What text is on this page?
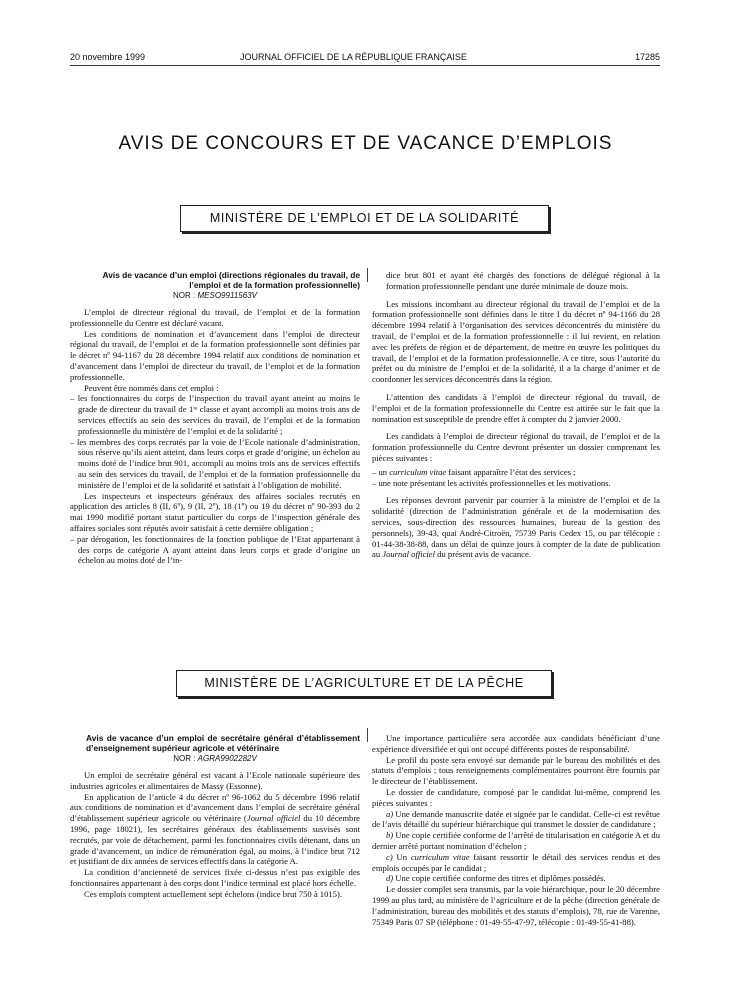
20 novembre 1999	JOURNAL OFFICIEL DE LA RÉPUBLIQUE FRANÇAISE	17285
AVIS DE CONCOURS ET DE VACANCE D’EMPLOIS
MINISTÈRE DE L’EMPLOI ET DE LA SOLIDARITÉ
Avis de vacance d’un emploi (directions régionales du travail, de l’emploi et de la formation professionnelle)
NOR : MESO9911563V

L’emploi de directeur régional du travail, de l’emploi et de la formation professionnelle du Centre est déclaré vacant.

Les conditions de nomination et d’avancement dans l’emploi de directeur régional du travail, de l’emploi et de la formation professionnelle sont définies par le décret nº 94-1167 du 28 décembre 1994 relatif aux conditions de nomination et d’avancement dans l’emploi de directeur du travail, de l’emploi et de la formation professionnelle.

Peuvent être nommés dans cet emploi :

– les fonctionnaires du corps de l’inspection du travail ayant atteint au moins le grade de directeur du travail de 1ʳᵉ classe et ayant accompli au moins trois ans de services effectifs au sein des services du travail, de l’emploi et de la formation professionnelle du ministère de l’emploi et de la solidarité ;
– les membres des corps recrutés par la voie de l’Ecole nationale d’administration, sous réserve qu’ils aient atteint, dans leurs corps et grade d’origine, un échelon au moins doté de l’indice brut 901, accompli au moins trois ans de services effectifs au sein des services du travail, de l’emploi et de la formation professionnelle du ministère de l’emploi et de la solidarité et satisfait à l’obligation de mobilité.

Les inspecteurs et inspecteurs généraux des affaires sociales recrutés en application des articles 8 (II, 6º), 9 (II, 2º), 18 (1º) ou 19 du décret nº 90-393 du 2 mai 1990 modifié portant statut particulier du corps de l’inspection générale des affaires sociales sont réputés avoir satisfait à cette dernière obligation ;

– par dérogation, les fonctionnaires de la fonction publique de l’Etat appartenant à des corps de catégorie A ayant atteint dans leurs corps et grade d’origine un échelon au moins doté de l’in-

dice brut 801 et ayant été chargés des fonctions de délégué régional à la formation professionnelle pendant une durée minimale de douze mois.

Les missions incombant au directeur régional du travail de l’emploi et de la formation professionnelle sont définies dans le titre I du décret nº 94-1166 du 28 décembre 1994 relatif à l’organisation des services déconcentrés du ministère du travail, de l’emploi et de la formation professionnelle : il lui revient, en relation avec les préfets de région et de département, de mettre en œuvre les politiques du travail, de l’emploi et de la formation professionnelle. A ce titre, sous l’autorité du préfet ou du ministre de l’emploi et de la solidarité, il a la charge d’animer et de coordonner les services déconcentrés dans la région.

L’attention des candidats à l’emploi de directeur régional du travail, de l’emploi et de la formation professionnelle du Centre est attirée sur le fait que la nomination est susceptible de prendre effet à compter du 2 janvier 2000.

Les candidats à l’emploi de directeur régional du travail, de l’emploi et de la formation professionnelle du Centre devront présenter un dossier comprenant les pièces suivantes :

– un curriculum vitae faisant apparaître l’état des services ;
– une note présentant les activités professionnelles et les motivations.

Les réponses devront parvenir par courrier à la ministre de l’emploi et de la solidarité (direction de l’administration générale et de la modernisation des services, sous-direction des ressources humaines, bureau de la gestion des personnels), 39-43, quai André-Citroën, 75739 Paris Cedex 15, ou par télécopie : 01-44-38-38-88, dans un délai de quinze jours à compter de la date de publication au Journal officiel du présent avis de vacance.

MINISTÈRE DE L’AGRICULTURE ET DE LA PÊCHE
Avis de vacance d’un emploi de secrétaire général d’établissement d’enseignement supérieur agricole et vétérinaire
NOR : AGRA9902282V

Un emploi de secrétaire général est vacant à l’Ecole nationale supérieure des industries agricoles et alimentaires de Massy (Essonne).

En application de l’article 4 du décret nº 96-1062 du 5 décembre 1996 relatif aux conditions de nomination et d’avancement dans l’emploi de secrétaire général d’établissement supérieur agricole ou vétérinaire (Journal officiel du 10 décembre 1996, page 18021), les secrétaires généraux des établissements susvisés sont recrutés, par voie de détachement, parmi les fonctionnaires civils détenant, dans un grade d’avancement, un indice de rémunération égal, au moins, à l’indice brut 712 et justifiant de dix années de services effectifs dans la catégorie A.

La condition d’ancienneté de services fixée ci-dessus n’est pas exigible des fonctionnaires appartenant à des corps dont l’indice terminal est placé hors échelle.

Ces emplois comptent actuellement sept échelons (indice brut 750 à 1015).

Une importance particulière sera accordée aux candidats bénéficiant d’une expérience diversifiée et qui ont occupé différents postes de responsabilité.

Le profil du poste sera envoyé sur demande par le bureau des mobilités et des statuts d’emplois ; tous renseignements complémentaires pourront être fournis par le directeur de l’établissement.

Le dossier de candidature, composé par le candidat lui-même, comprend les pièces suivantes :

a) Une demande manuscrite datée et signée par le candidat. Celle-ci est revêtue de l’avis détaillé du supérieur hiérarchique qui transmet le dossier de candidature ;

b) Une copie certifiée conforme de l’arrêté de titularisation en catégorie A et du dernier arrêté portant nomination d’échelon ;

c) Un curriculum vitae faisant ressortir le détail des services rendus et des emplois occupés par le candidat ;

d) Une copie certifiée conforme des titres et diplômes possédés.

Le dossier complet sera transmis, par la voie hiérarchique, pour le 20 décembre 1999 au plus tard, au ministère de l’agriculture et de la pêche (direction générale de l’administration, bureau des mobilités et des statuts d’emplois), 78, rue de Varenne, 75349 Paris 07 SP (téléphone : 01-49-55-47-97, télécopie : 01-49-55-41-88).
